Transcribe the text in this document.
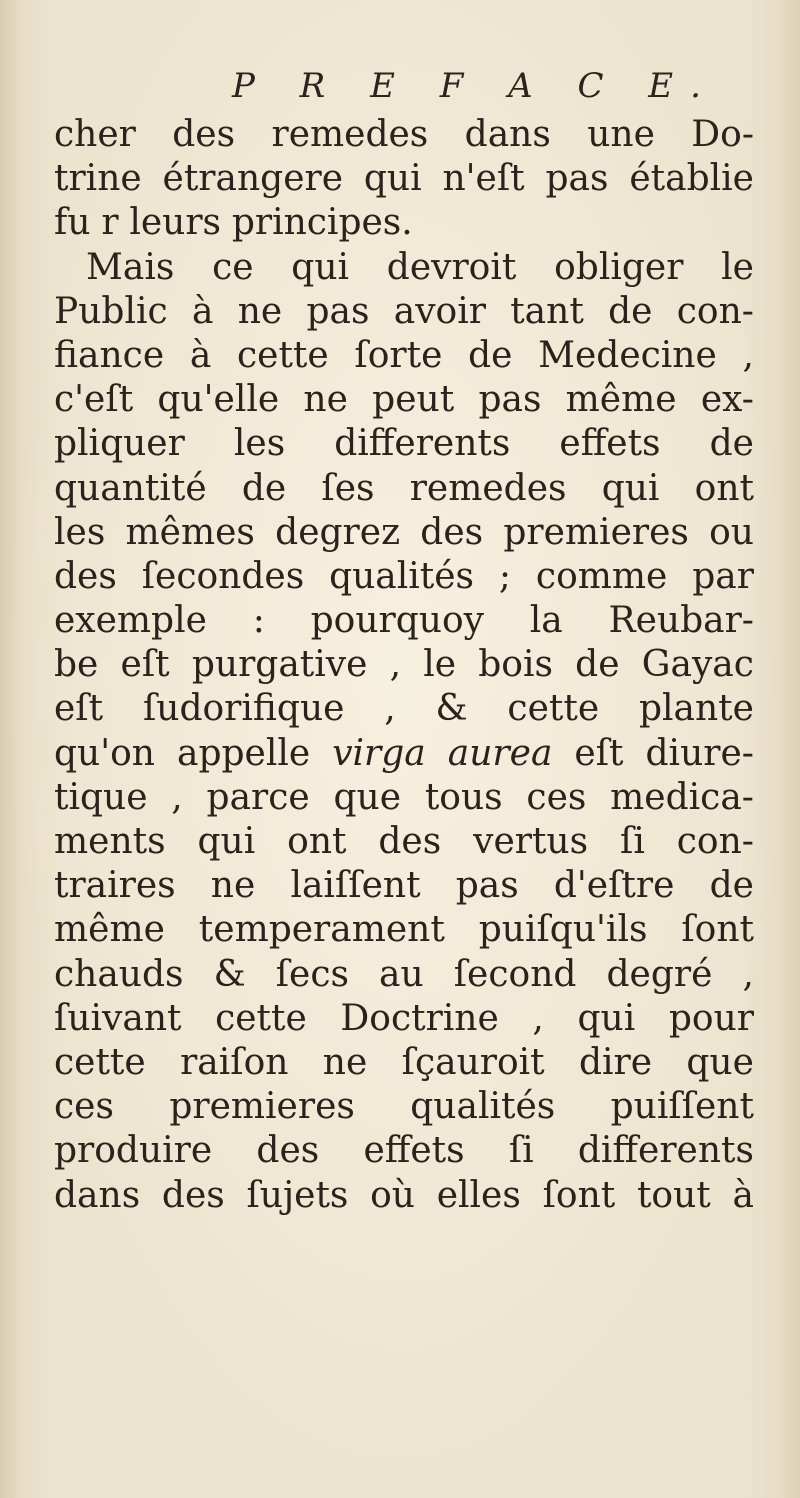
P R E F A C E.
cher des remedes dans une Do-
trine étrangere qui n'eſt pas établie
fu r leurs principes.
Mais ce qui devroit obliger le
Public à ne pas avoir tant de con-
fiance à cette ſorte de Medecine ,
c'eſt qu'elle ne peut pas même ex-
pliquer les differents effets de
quantité de ſes remedes qui ont
les mêmes degrez des premieres ou
des ſecondes qualités ; comme par
exemple : pourquoy la Reubar-
be eſt purgative , le bois de Gayac
eſt ſudorifique , & cette plante
qu'on appelle virga aurea eſt diure-
tique , parce que tous ces medica-
ments qui ont des vertus ſi con-
traires ne laiſſent pas d'eſtre de
même temperament puiſqu'ils ſont
chauds & ſecs au ſecond degré ,
ſuivant cette Doctrine , qui pour
cette raiſon ne ſçauroit dire que
ces premieres qualités puiſſent
produire des effets ſi differents
dans des ſujets où elles ſont tout à
